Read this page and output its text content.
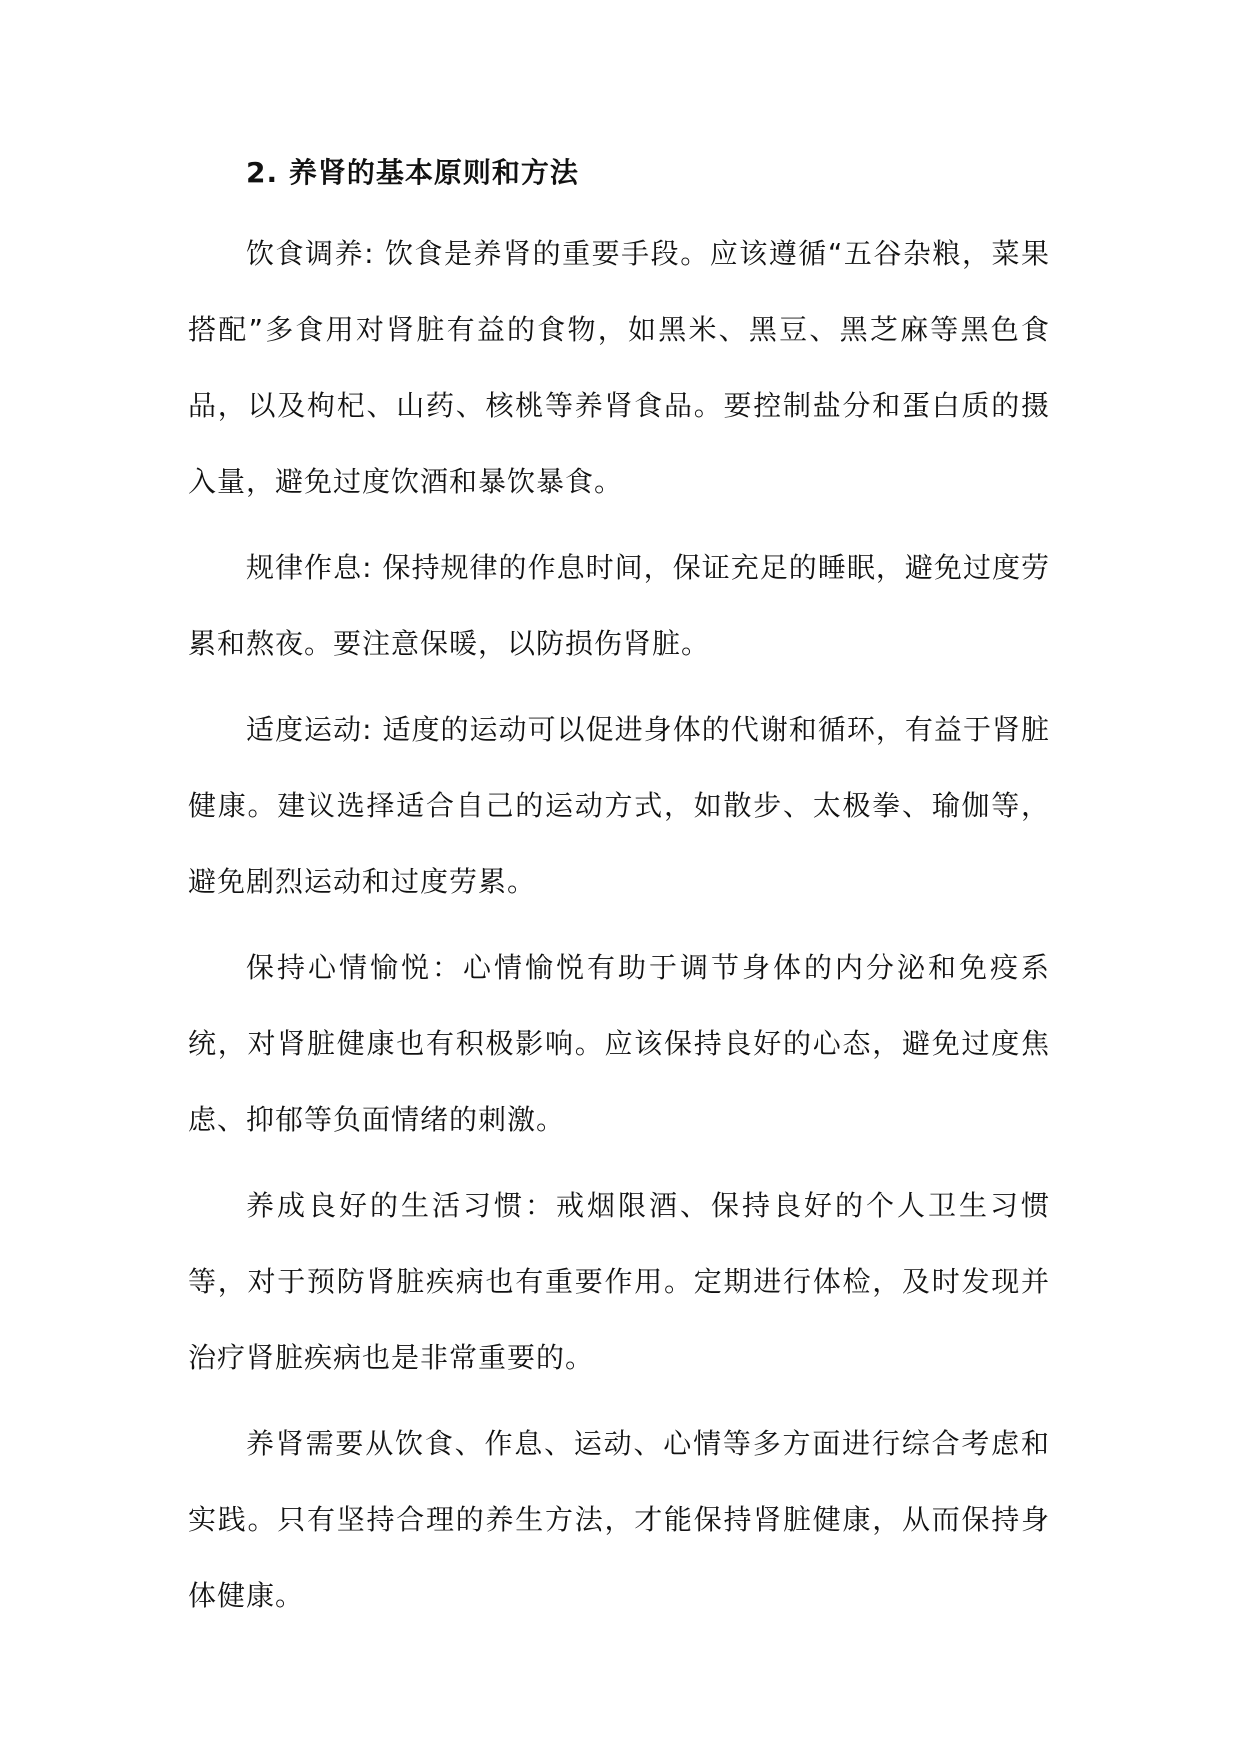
2. 养肾的基本原则和方法

饮食调养: 饮食是养肾的重要手段。应该遵循“五谷杂粮，菜果搭配”多食用对肾脏有益的食物，如黑米、黑豆、黑芝麻等黑色食品，以及枸杞、山药、核桃等养肾食品。要控制盐分和蛋白质的摄入量，避免过度饮酒和暴饮暴食。

规律作息: 保持规律的作息时间，保证充足的睡眠，避免过度劳累和熬夜。要注意保暖，以防损伤肾脏。

适度运动: 适度的运动可以促进身体的代谢和循环，有益于肾脏健康。建议选择适合自己的运动方式，如散步、太极拳、瑜伽等，避免剧烈运动和过度劳累。

保持心情愉悦：心情愉悦有助于调节身体的内分泌和免疫系统，对肾脏健康也有积极影响。应该保持良好的心态，避免过度焦虑、抑郁等负面情绪的刺激。

养成良好的生活习惯：戒烟限酒、保持良好的个人卫生习惯等，对于预防肾脏疾病也有重要作用。定期进行体检，及时发现并治疗肾脏疾病也是非常重要的。

养肾需要从饮食、作息、运动、心情等多方面进行综合考虑和实践。只有坚持合理的养生方法，才能保持肾脏健康，从而保持身体健康。
